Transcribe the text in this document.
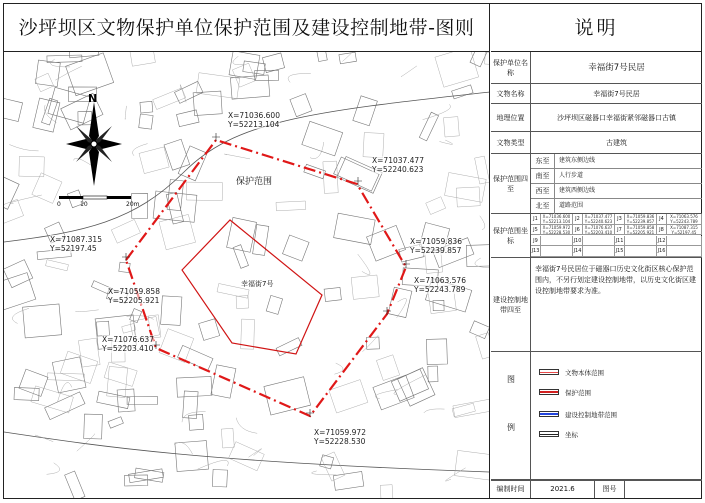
沙坪坝区文物保护单位保护范围及建设控制地带-图则
N
0	10	20m
保护范围
幸福街7号
X=71036.600
Y=52213.104
X=71037.477
Y=52240.623
X=71087.315
Y=52197.45
X=71059.836
Y=52239.857
X=71059.858
Y=52205.921
X=71063.576
Y=52243.789
X=71076.637
Y=52203.410
X=71059.972
Y=52228.530
说明
保护单位名称	幸福街7号民居
文物名称	幸福街7号民居
地理位置	沙坪坝区磁器口幸福街紧邻磁器口古镇
文物类型	古建筑
保护范围四至
东至	建筑东侧边线
南至	人行步道
西至	建筑西侧边线
北至	道路范围
保护范围坐标
J1	X=71036.600 Y=52213.104 J2	X=71037.477 Y=52240.623 J3	X=71059.836 Y=52239.857 J4	X=71063.576 Y=52243.789
J5	X=71059.972 Y=52228.530 J6	X=71076.637 Y=52203.410 J7	X=71059.858 Y=52205.921 J8	X=71087.315 Y=52197.45
J9	J10	J11	J12
J13	J14	J15	J16
建设控制地带四至
幸福街7号民居位于磁器口历史文化街区核心保护范围内，不另行划定建设控制地带，以历史文化街区建设控制地带要求为准。
图
例
文物本体范围
保护范围
建设控制地带范围
坐标
编制时间	2021.6	图号
